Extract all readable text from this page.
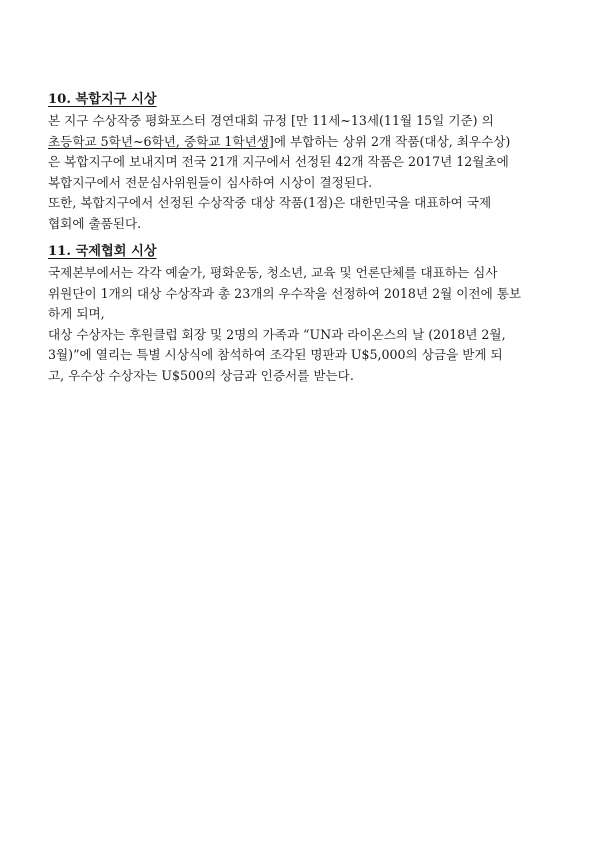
10. 복합지구 시상
본 지구 수상작중 평화포스터 경연대회 규정 [만 11세~13세(11월 15일 기준) 의
초등학교 5학년~6학년, 중학교 1학년생]에 부합하는 상위 2개 작품(대상, 최우수상)
은 복합지구에 보내지며 전국 21개 지구에서 선정된 42개 작품은 2017년 12월초에
복합지구에서 전문심사위원들이 심사하여 시상이 결정된다.
또한, 복합지구에서 선정된 수상작중 대상 작품(1점)은 대한민국을 대표하여 국제
협회에 출품된다.
11. 국제협회 시상
국제본부에서는 각각 예술가, 평화운동, 청소년, 교육 및 언론단체를 대표하는 심사
위원단이 1개의 대상 수상작과 총 23개의 우수작을 선정하여 2018년 2월 이전에 통보
하게 되며,
대상 수상자는 후원클럽 회장 및 2명의 가족과 “UN과 라이온스의 날 (2018년 2월,
3월)”에 열리는 특별 시상식에 참석하여 조각된 명판과 U$5,000의 상금을 받게 되
고, 우수상 수상자는 U$500의 상금과 인증서를 받는다.
